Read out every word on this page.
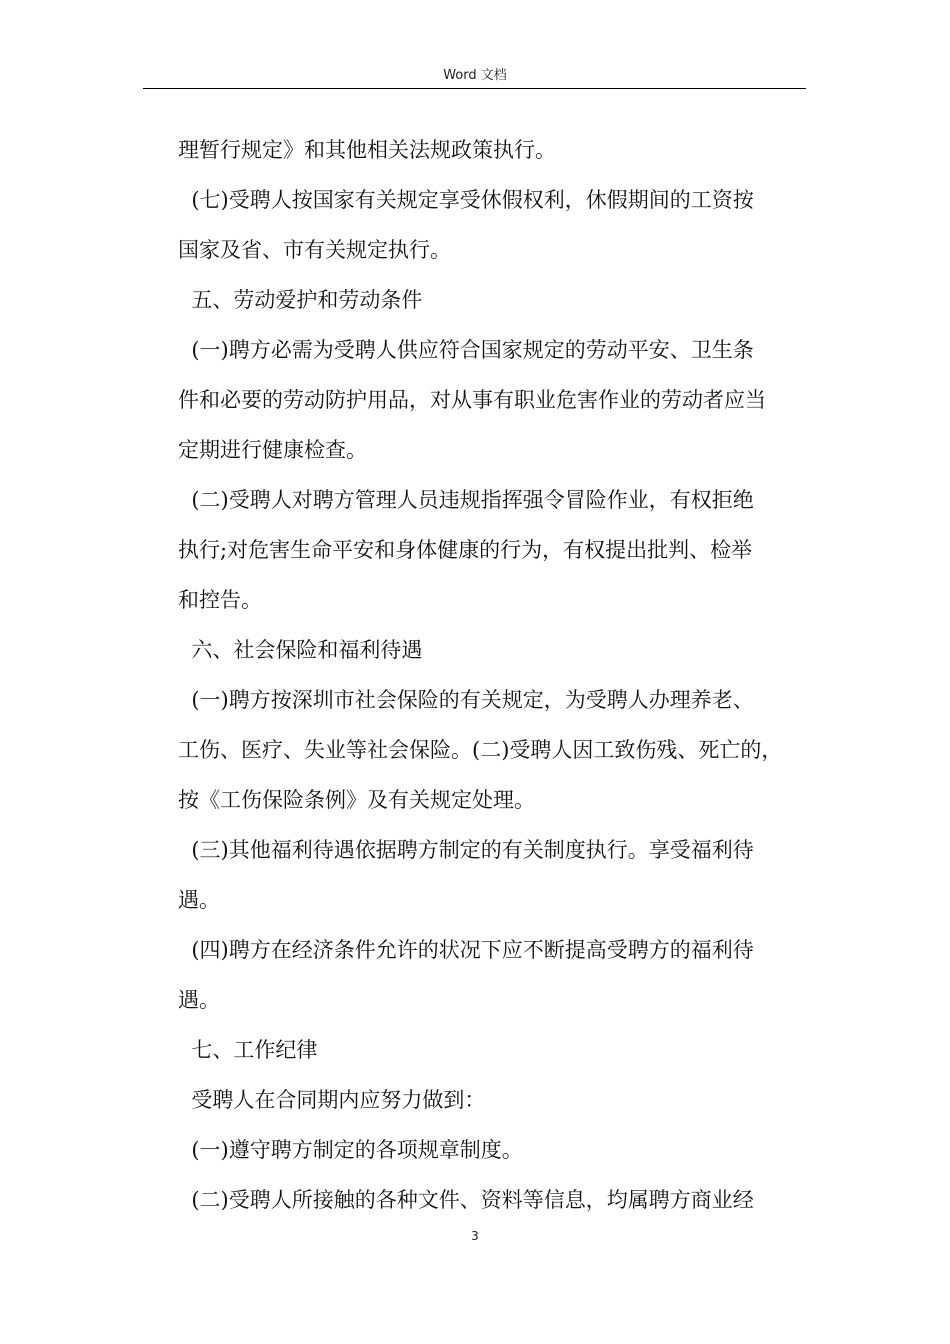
Word 文档
理暂行规定》和其他相关法规政策执行。
(七)受聘人按国家有关规定享受休假权利，休假期间的工资按
国家及省、市有关规定执行。
五、劳动爱护和劳动条件
(一)聘方必需为受聘人供应符合国家规定的劳动平安、卫生条
件和必要的劳动防护用品，对从事有职业危害作业的劳动者应当
定期进行健康检查。
(二)受聘人对聘方管理人员违规指挥强令冒险作业，有权拒绝
执行;对危害生命平安和身体健康的行为，有权提出批判、检举
和控告。
六、社会保险和福利待遇
(一)聘方按深圳市社会保险的有关规定，为受聘人办理养老、
工伤、医疗、失业等社会保险。(二)受聘人因工致伤残、死亡的，
按《工伤保险条例》及有关规定处理。
(三)其他福利待遇依据聘方制定的有关制度执行。享受福利待
遇。
(四)聘方在经济条件允许的状况下应不断提高受聘方的福利待
遇。
七、工作纪律
受聘人在合同期内应努力做到：
(一)遵守聘方制定的各项规章制度。
(二)受聘人所接触的各种文件、资料等信息，均属聘方商业经
3
